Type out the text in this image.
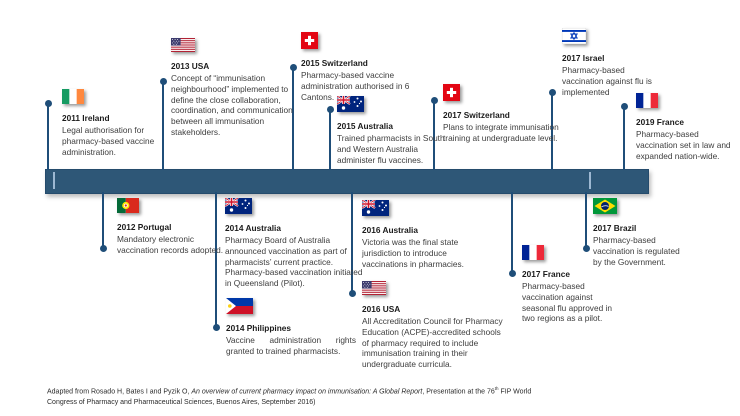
2011 Ireland
Legal authorisation for pharmacy-based vaccine administration.
2013 USA
Concept of “immunisation neighbourhood” implemented to define the close collaboration, coordination, and communication between all immunisation stakeholders.
2015 Switzerland
Pharmacy-based vaccine administration authorised in 6 Cantons.
2015 Australia
Trained pharmacists in South and Western Australia administer flu vaccines.
2017 Switzerland
Plans to integrate immunisation training at undergraduate level.
2017 Israel
Pharmacy-based vaccination against flu is implemented
2019 France
Pharmacy-based vaccination set in law and expanded nation-wide.
2012 Portugal
Mandatory electronic vaccination records adopted.
2014 Australia
Pharmacy Board of Australia announced vaccination as part of pharmacists’ current practice. Pharmacy-based vaccination initiated in Queensland (Pilot).
2014 Philippines
Vaccine administration rights granted to trained pharmacists.
2016 Australia
Victoria was the final state jurisdiction to introduce vaccinations in pharmacies.
2016 USA
All Accreditation Council for Pharmacy Education (ACPE)-accredited schools of pharmacy required to include immunisation training in their undergraduate curricula.
2017 France
Pharmacy-based vaccination against seasonal flu approved in two regions as a pilot.
2017 Brazil
Pharmacy-based vaccination is regulated by the Government.
Adapted from Rosado H, Bates I and Pyzik O, An overview of current pharmacy impact on immunisation: A Global Report, Presentation at the 76th FIP World Congress of Pharmacy and Pharmaceutical Sciences, Buenos Aires, September 2016)
